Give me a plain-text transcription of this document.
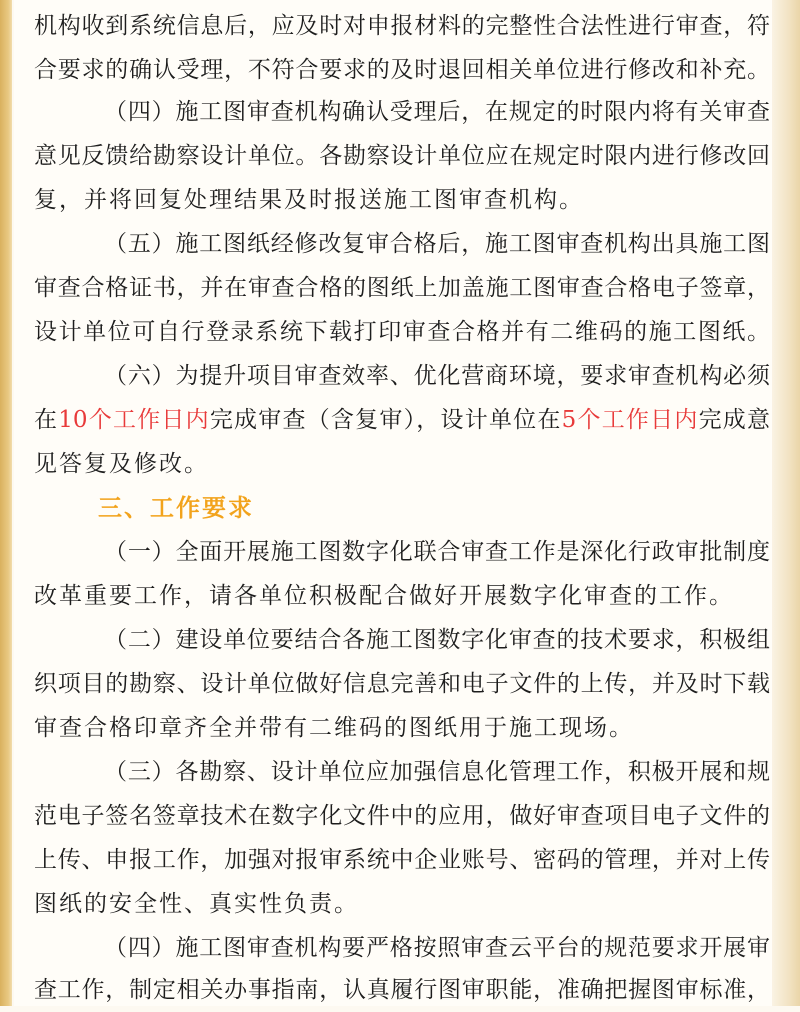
机构收到系统信息后，应及时对申报材料的完整性合法性进行审查，符
合要求的确认受理，不符合要求的及时退回相关单位进行修改和补充。
（四）施工图审查机构确认受理后，在规定的时限内将有关审查
意见反馈给勘察设计单位。各勘察设计单位应在规定时限内进行修改回
复，并将回复处理结果及时报送施工图审查机构。
（五）施工图纸经修改复审合格后，施工图审查机构出具施工图
审查合格证书，并在审查合格的图纸上加盖施工图审查合格电子签章，
设计单位可自行登录系统下载打印审查合格并有二维码的施工图纸。
（六）为提升项目审查效率、优化营商环境，要求审查机构必须
在10个工作日内完成审查（含复审），设计单位在5个工作日内完成意
见答复及修改。
三、工作要求
（一）全面开展施工图数字化联合审查工作是深化行政审批制度
改革重要工作，请各单位积极配合做好开展数字化审查的工作。
（二）建设单位要结合各施工图数字化审查的技术要求，积极组
织项目的勘察、设计单位做好信息完善和电子文件的上传，并及时下载
审查合格印章齐全并带有二维码的图纸用于施工现场。
（三）各勘察、设计单位应加强信息化管理工作，积极开展和规
范电子签名签章技术在数字化文件中的应用，做好审查项目电子文件的
上传、申报工作，加强对报审系统中企业账号、密码的管理，并对上传
图纸的安全性、真实性负责。
（四）施工图审查机构要严格按照审查云平台的规范要求开展审
查工作，制定相关办事指南，认真履行图审职能，准确把握图审标准，
